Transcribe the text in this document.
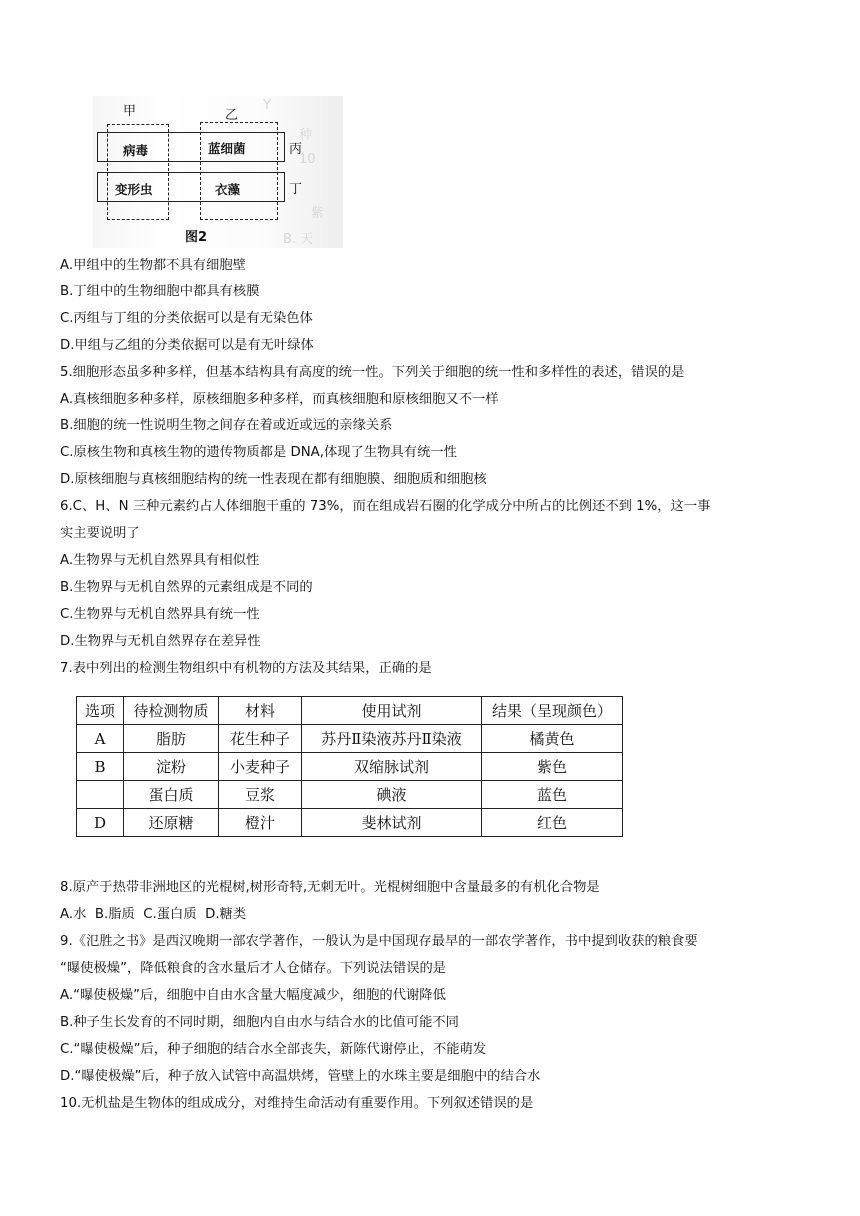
Y
种
10
紫
B. 天
甲	乙
丙
丁
病毒	蓝细菌
变形虫	衣藻
图2
A.甲组中的生物都不具有细胞壁
B.丁组中的生物细胞中都具有核膜
C.丙组与丁组的分类依据可以是有无染色体
D.甲组与乙组的分类依据可以是有无叶绿体
5.细胞形态虽多种多样，但基本结构具有高度的统一性。下列关于细胞的统一性和多样性的表述，错误的是
A.真核细胞多种多样，原核细胞多种多样，而真核细胞和原核细胞又不一样
B.细胞的统一性说明生物之间存在着或近或远的亲缘关系
C.原核生物和真核生物的遗传物质都是 DNA,体现了生物具有统一性
D.原核细胞与真核细胞结构的统一性表现在都有细胞膜、细胞质和细胞核
6.C、H、N 三种元素约占人体细胞干重的 73%，而在组成岩石圈的化学成分中所占的比例还不到 1%，这一事
实主要说明了
A.生物界与无机自然界具有相似性
B.生物界与无机自然界的元素组成是不同的
C.生物界与无机自然界具有统一性
D.生物界与无机自然界存在差异性
7.表中列出的检测生物组织中有机物的方法及其结果，正确的是
选项	待检测物质	材料	使用试剂	结果（呈现颜色）
A	脂肪	花生种子	苏丹Ⅱ染液苏丹Ⅱ染液	橘黄色
B	淀粉	小麦种子	双缩脉试剂	紫色
	蛋白质	豆浆	碘液	蓝色
D	还原糖	橙汁	斐林试剂	红色
8.原产于热带非洲地区的光棍树,树形奇特,无刺无叶。光棍树细胞中含量最多的有机化合物是
A.水  B.脂质  C.蛋白质  D.糖类
9.《氾胜之书》是西汉晚期一部农学著作，一般认为是中国现存最早的一部农学著作，书中提到收获的粮食要
“曝使极燥”，降低粮食的含水量后才人仓储存。下列说法错误的是
A.“曝使极燥”后，细胞中自由水含量大幅度减少，细胞的代谢降低
B.种子生长发育的不同时期，细胞内自由水与结合水的比值可能不同
C.“曝使极燥”后，种子细胞的结合水全部丧失，新陈代谢停止，不能萌发
D.“曝使极燥”后，种子放入试管中高温烘烤，管壁上的水珠主要是细胞中的结合水
10.无机盐是生物体的组成成分，对维持生命活动有重要作用。下列叙述错误的是
